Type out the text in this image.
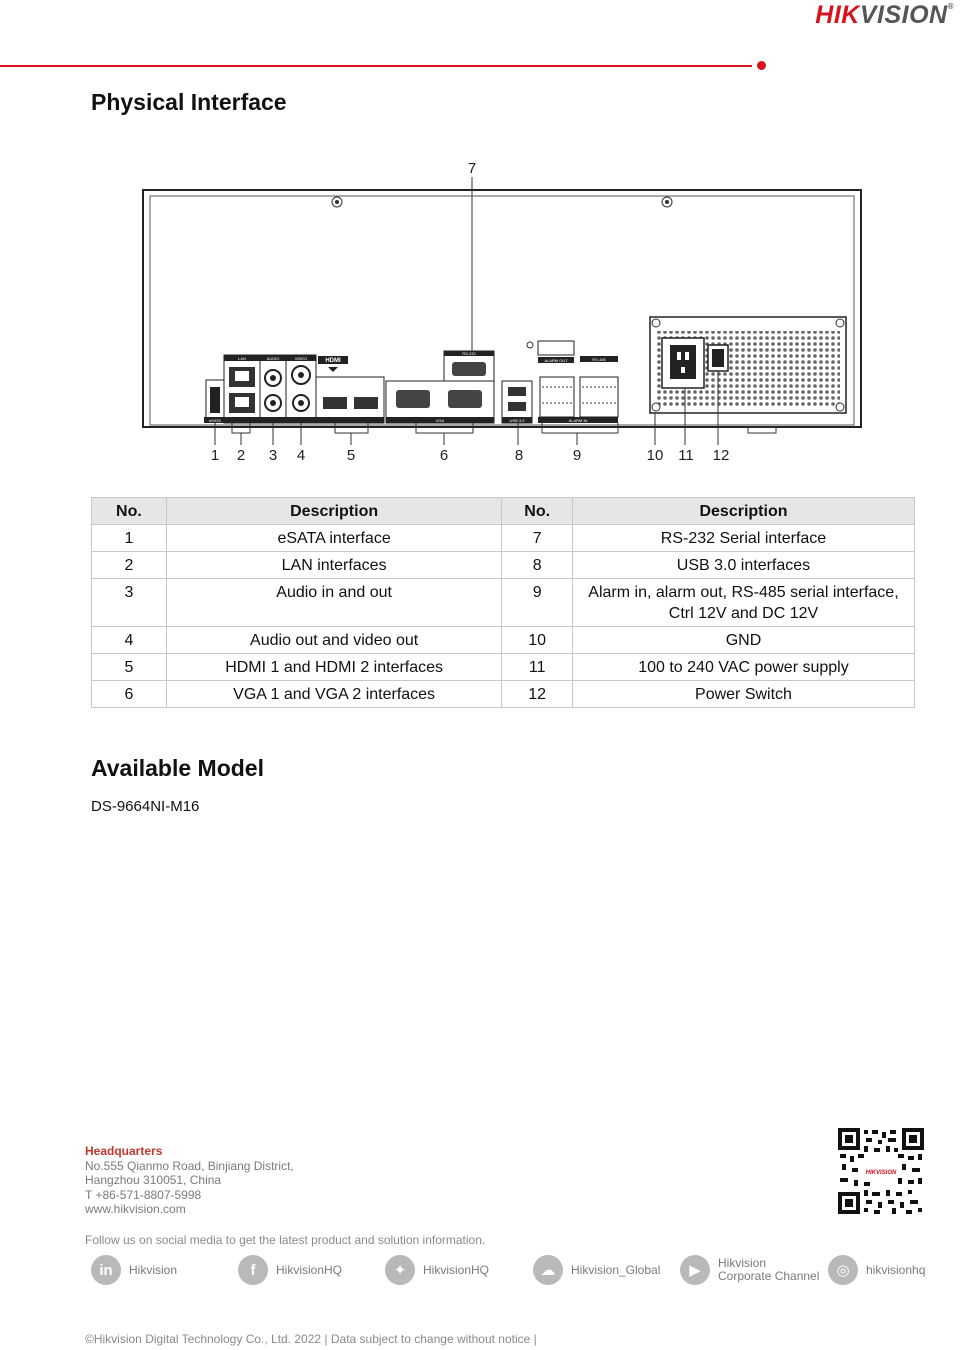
HIKVISION®
Physical Interface
eSATA
LAN	AUDIO	VIDEO	HDMI
VGA
RS-232
USB 3.0
ALARM OUT	RS-485
ALARM IN
7
1 2 3 4	5	6	8	9	10 11 12
No.	Description	No.	Description
1	eSATA interface	7	RS-232 Serial interface
2	LAN interfaces	8	USB 3.0 interfaces
3	Audio in and out	9	Alarm in, alarm out, RS-485 serial interface, Ctrl 12V and DC 12V
4	Audio out and video out	10	GND
5	HDMI 1 and HDMI 2 interfaces	11	100 to 240 VAC power supply
6	VGA 1 and VGA 2 interfaces	12	Power Switch
Available Model
DS-9664NI-M16
Headquarters
No.555 Qianmo Road, Binjiang District,
Hangzhou 310051, China
T +86-571-8807-5998
www.hikvision.com
HIKVISION
Follow us on social media to get the latest product and solution information.
in	Hikvision	f	HikvisionHQ	✦	HikvisionHQ	☁	Hikvision_Global	▶	Hikvision
Corporate Channel	◎	hikvisionhq
©Hikvision Digital Technology Co., Ltd. 2022 | Data subject to change without notice |
